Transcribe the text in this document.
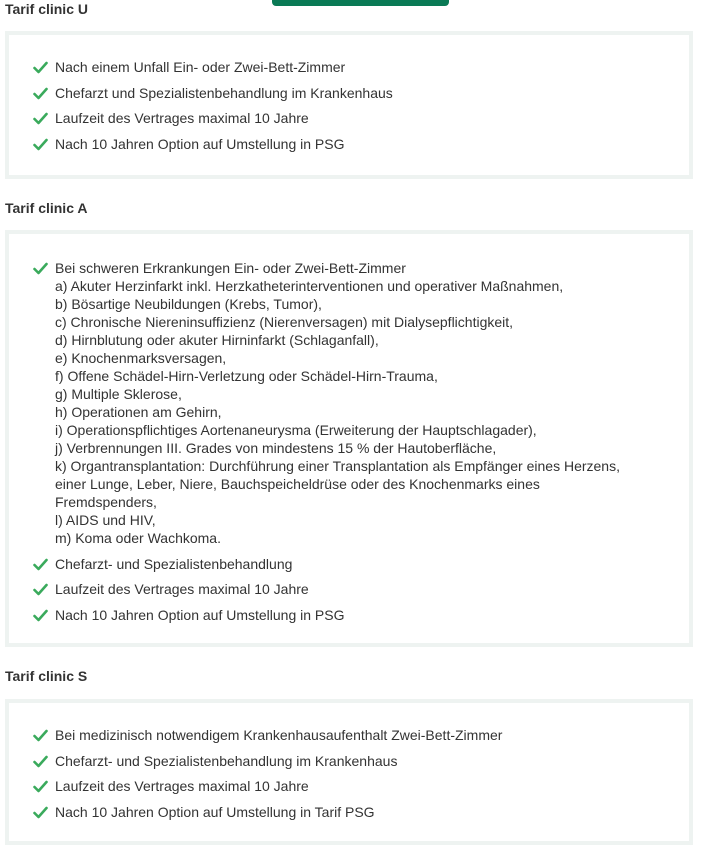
Tarif clinic U
Nach einem Unfall Ein- oder Zwei-Bett-Zimmer
Chefarzt und Spezialistenbehandlung im Krankenhaus
Laufzeit des Vertrages maximal 10 Jahre
Nach 10 Jahren Option auf Umstellung in PSG
Tarif clinic A
Bei schweren Erkrankungen Ein- oder Zwei-Bett-Zimmer
a) Akuter Herzinfarkt inkl. Herzkatheterinterventionen und operativer Maßnahmen,
b) Bösartige Neubildungen (Krebs, Tumor),
c) Chronische Niereninsuffizienz (Nierenversagen) mit Dialysepflichtigkeit,
d) Hirnblutung oder akuter Hirninfarkt (Schlaganfall),
e) Knochenmarksversagen,
f) Offene Schädel-Hirn-Verletzung oder Schädel-Hirn-Trauma,
g) Multiple Sklerose,
h) Operationen am Gehirn,
i) Operationspflichtiges Aortenaneurysma (Erweiterung der Hauptschlagader),
j) Verbrennungen III. Grades von mindestens 15 % der Hautoberfläche,
k) Organtransplantation: Durchführung einer Transplantation als Empfänger eines Herzens,
einer Lunge, Leber, Niere, Bauchspeicheldrüse oder des Knochenmarks eines
Fremdspenders,
l) AIDS und HIV,
m) Koma oder Wachkoma.
Chefarzt- und Spezialistenbehandlung
Laufzeit des Vertrages maximal 10 Jahre
Nach 10 Jahren Option auf Umstellung in PSG
Tarif clinic S
Bei medizinisch notwendigem Krankenhausaufenthalt Zwei-Bett-Zimmer
Chefarzt- und Spezialistenbehandlung im Krankenhaus
Laufzeit des Vertrages maximal 10 Jahre
Nach 10 Jahren Option auf Umstellung in Tarif PSG
